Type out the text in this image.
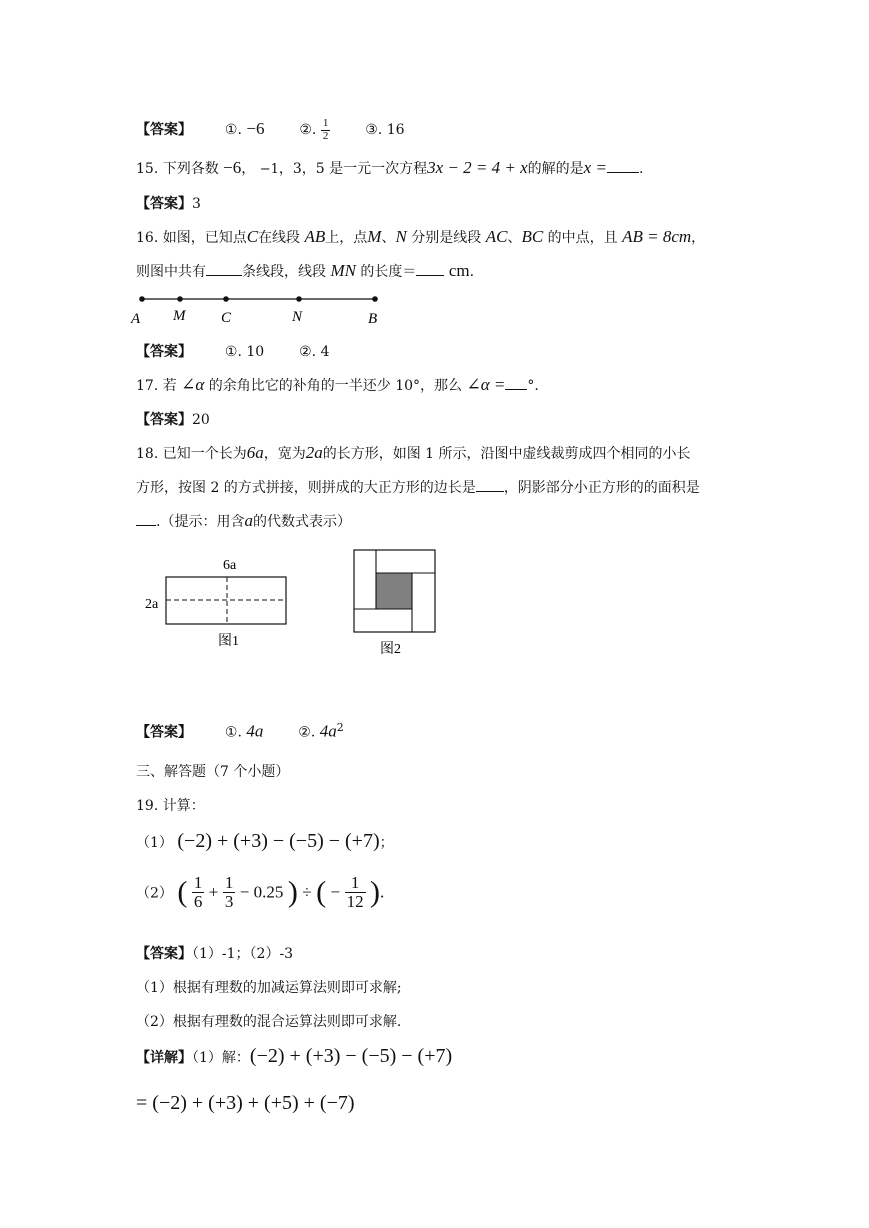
【答案】 ①. −6 ②. $\frac{1}{2}$ ③. 16
15. 下列各数 −6， −1，3，5 是一元一次方程3x − 2 = 4 + x的解的是x = .
【答案】3
16. 如图，已知点C在线段 AB上，点M、N 分别是线段 AC、BC 的中点，且 AB = 8cm，
则图中共有	条线段，线段 MN 的长度＝ cm.
A M C	N	B
【答案】 ①. 10 ②. 4
17. 若 ∠α 的余角比它的补角的一半还少 10°，那么 ∠α = °.
【答案】20
18. 已知一个长为6a，宽为2a的长方形，如图 1 所示，沿图中虚线裁剪成四个相同的小长
方形，按图 2 的方式拼接，则拼成的大正方形的边长是 ，阴影部分小正方形的的面积是
.（提示：用含a的代数式表示）
6a
2a
图1
图2
【答案】 ①. 4a ②. $4a^2$
三、解答题（7 个小题）
19. 计算：
（1） (−2) + (+3) − (−5) − (+7)；
（2） ( $\frac{1}{6} + \frac{1}{3} - 0.25$ ) ÷ ( − $\frac{1}{12}$ ).
【答案】（1）-1；（2）-3
（1）根据有理数的加减运算法则即可求解;
（2）根据有理数的混合运算法则即可求解.
【详解】（1）解：(−2) + (+3) − (−5) − (+7)
= (−2) + (+3) + (+5) + (−7)
